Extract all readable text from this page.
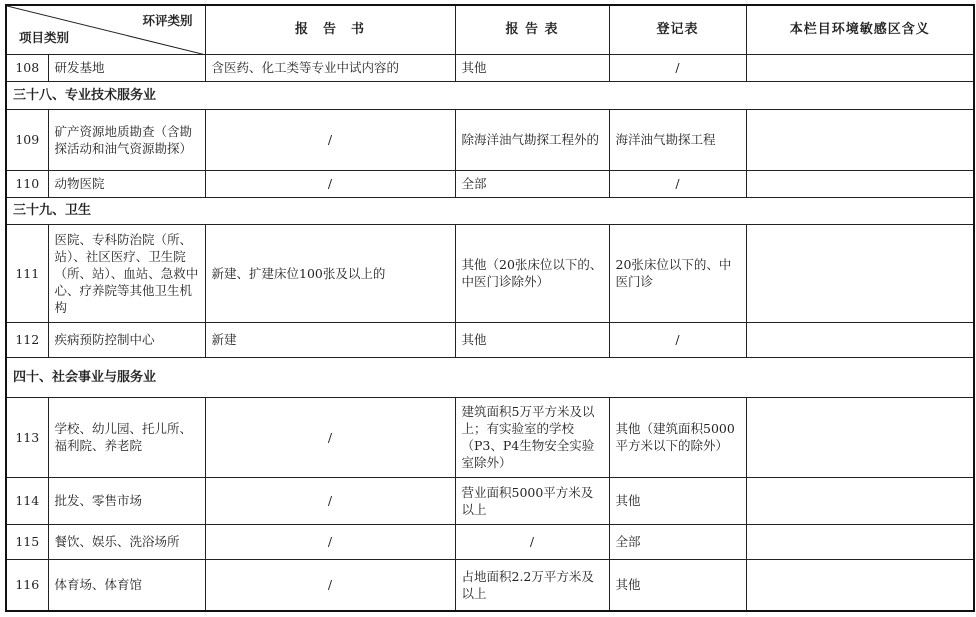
环评类别
项目类别		报　告　书	报 告 表	登记表	本栏目环境敏感区含义
108	研发基地	含医药、化工类等专业中试内容的	其他	/	
三十八、专业技术服务业					
109	矿产资源地质勘查（含勘探活动和油气资源勘探）	/	除海洋油气勘探工程外的	海洋油气勘探工程	
110	动物医院	/	全部	/	
三十九、卫生					
111	医院、专科防治院（所、站）、社区医疗、卫生院（所、站）、血站、急救中心、疗养院等其他卫生机构	新建、扩建床位100张及以上的	其他（20张床位以下的、中医门诊除外）	20张床位以下的、中医门诊	
112	疾病预防控制中心	新建	其他	/	
四十、社会事业与服务业					
113	学校、幼儿园、托儿所、福利院、养老院	/	建筑面积5万平方米及以上；有实验室的学校（P3、P4生物安全实验室除外）	其他（建筑面积5000平方米以下的除外）	
114	批发、零售市场	/	营业面积5000平方米及以上	其他	
115	餐饮、娱乐、洗浴场所	/	/	全部	
116	体育场、体育馆	/	占地面积2.2万平方米及以上	其他	
